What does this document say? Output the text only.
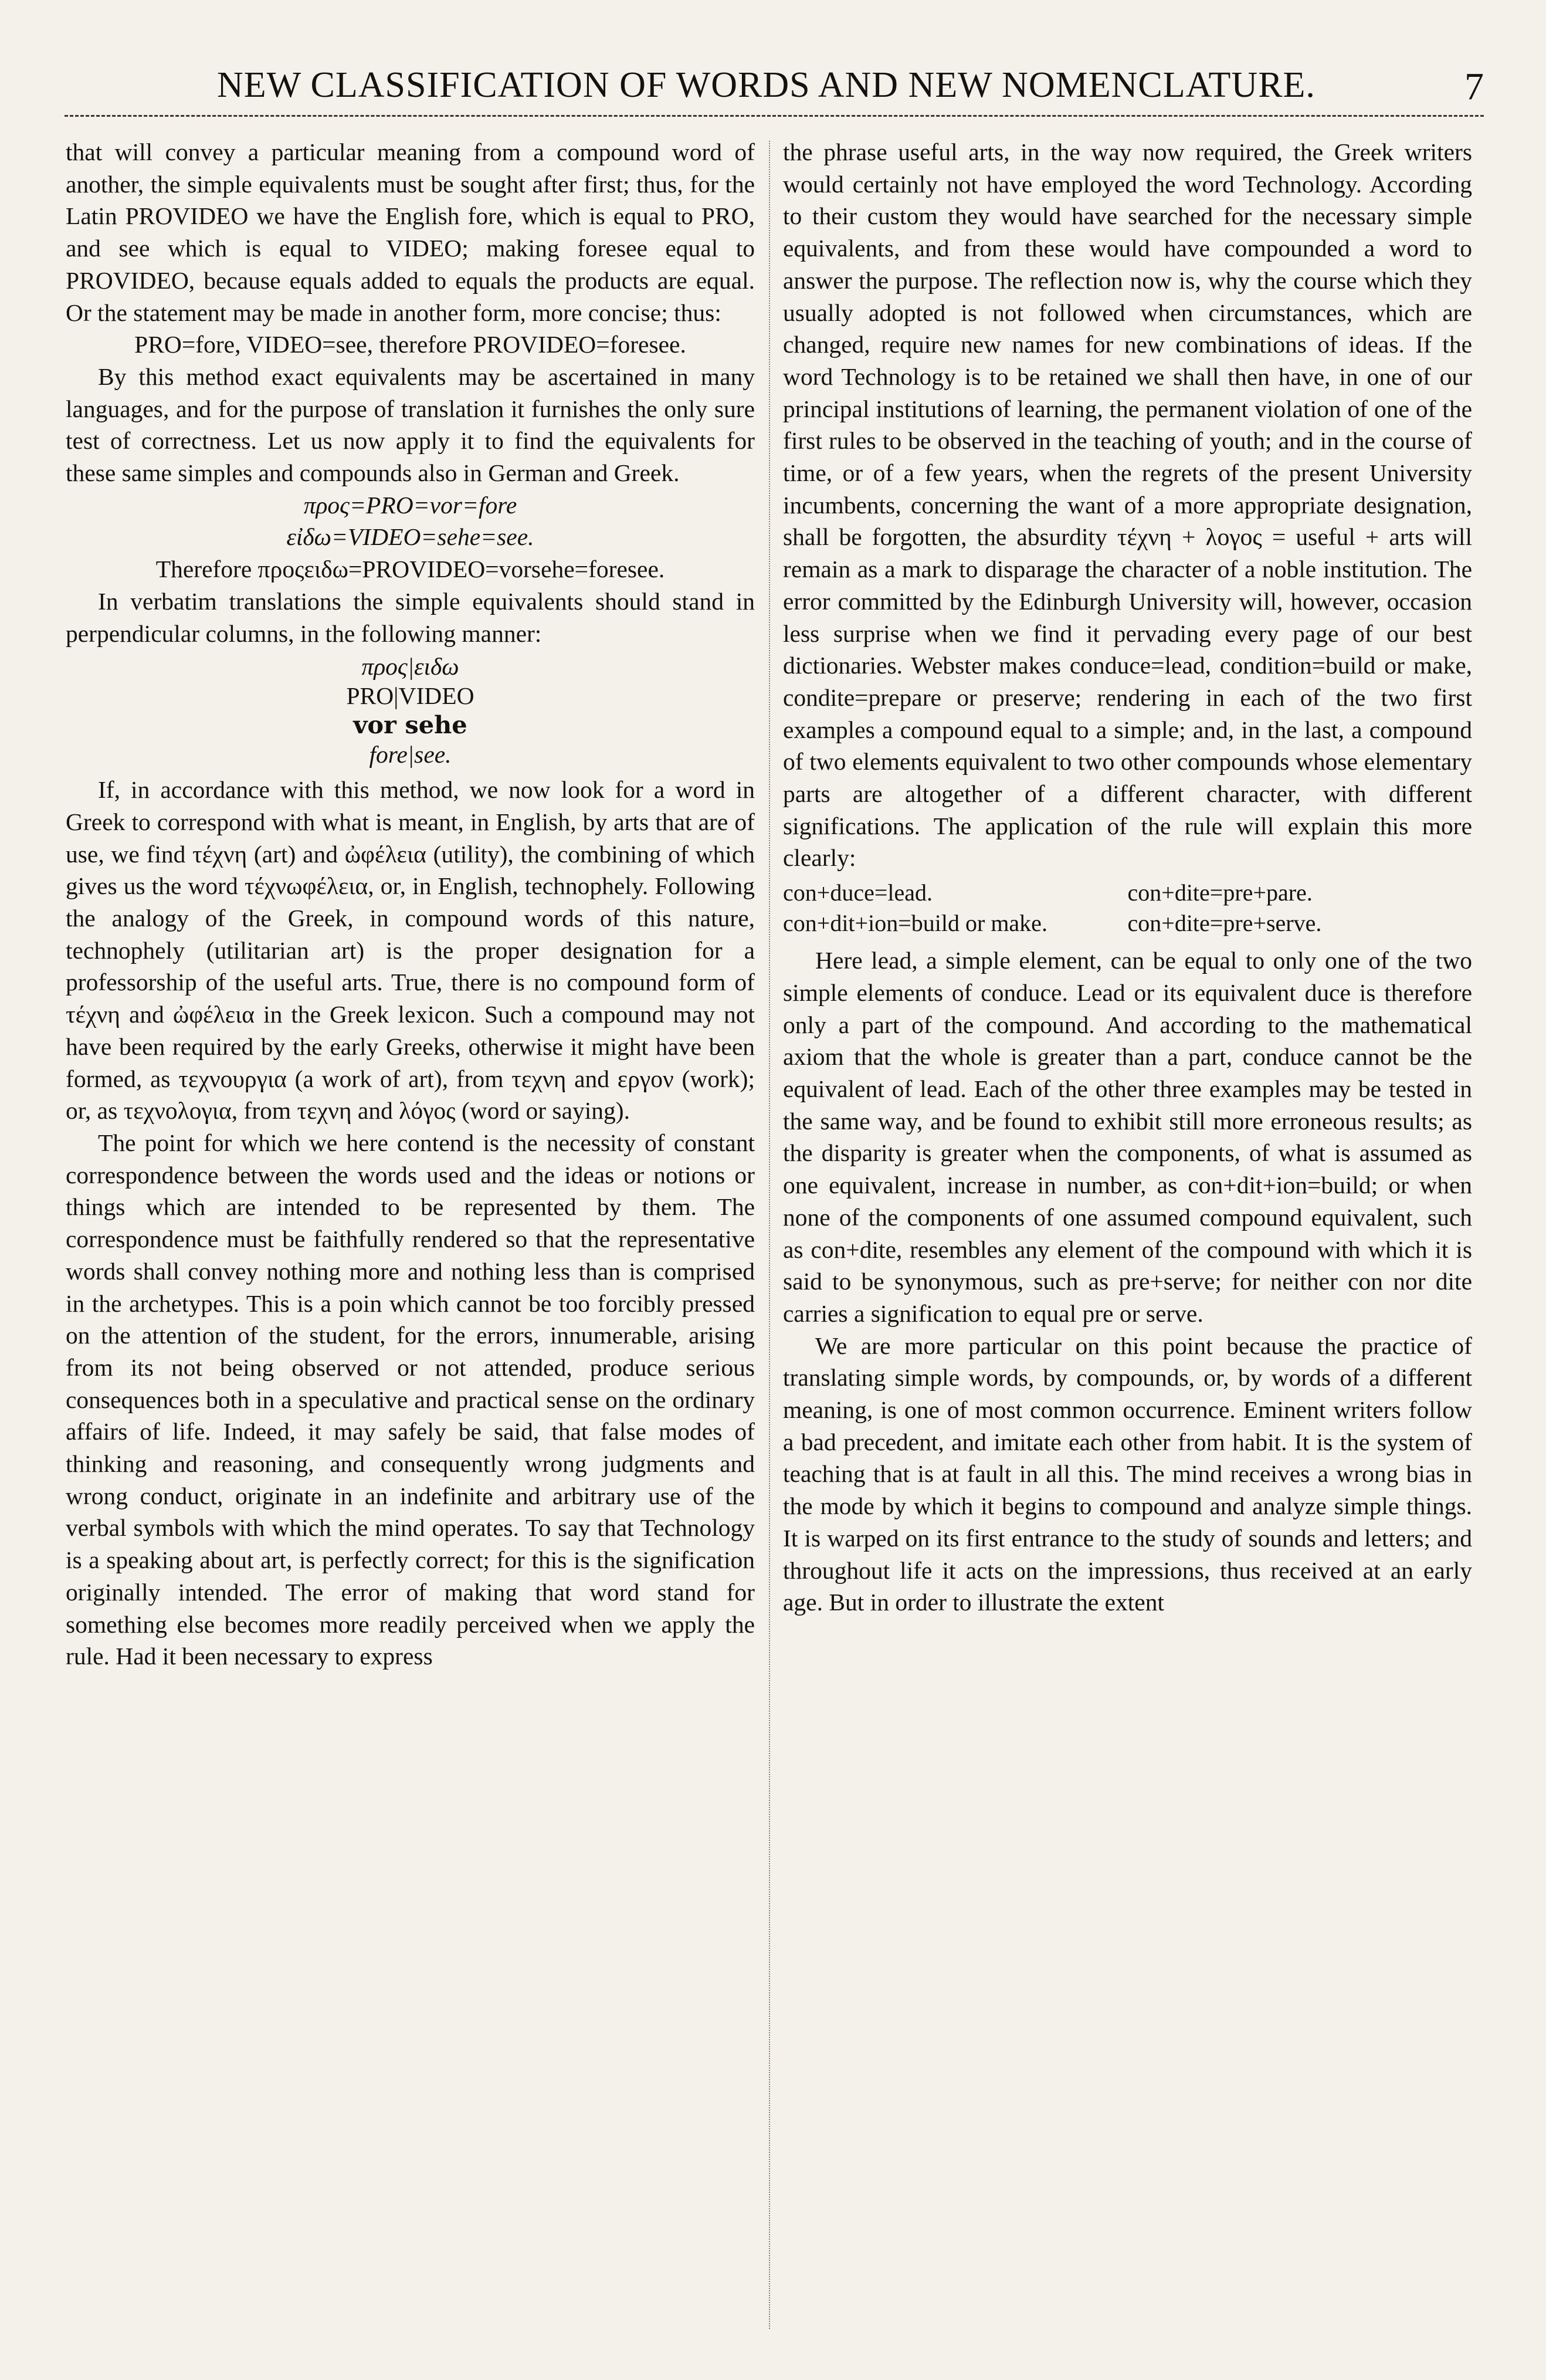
NEW CLASSIFICATION OF WORDS AND NEW NOMENCLATURE.	7

that will convey a particular meaning from a compound word of another, the simple equivalents must be sought after first; thus, for the Latin PROVIDEO we have the English fore, which is equal to PRO, and see which is equal to VIDEO; making foresee equal to PROVIDEO, because equals added to equals the products are equal. Or the statement may be made in another form, more concise; thus:

PRO=fore, VIDEO=see, therefore PROVIDEO=foresee.

By this method exact equivalents may be ascertained in many languages, and for the purpose of translation it furnishes the only sure test of correctness. Let us now apply it to find the equivalents for these same simples and compounds also in German and Greek.

προς=PRO=vor=fore

εἰδω=VIDEO=sehe=see.

Therefore προςειδω=PROVIDEO=vorsehe=foresee.

In verbatim translations the simple equivalents should stand in perpendicular columns, in the following manner:

προς|ειδω
PRO|VIDEO
vor sehe
fore|see.

If, in accordance with this method, we now look for a word in Greek to correspond with what is meant, in English, by arts that are of use, we find τέχνη (art) and ὠφέλεια (utility), the combining of which gives us the word τέχνωφέλεια, or, in English, technophely. Following the analogy of the Greek, in compound words of this nature, technophely (utilitarian art) is the proper designation for a professorship of the useful arts. True, there is no compound form of τέχνη and ὠφέλεια in the Greek lexicon. Such a compound may not have been required by the early Greeks, otherwise it might have been formed, as τεχνουργια (a work of art), from τεχνη and εργον (work); or, as τεχνολογια, from τεχνη and λόγος (word or saying).

The point for which we here contend is the necessity of constant correspondence between the words used and the ideas or notions or things which are intended to be represented by them. The correspondence must be faithfully rendered so that the representative words shall convey nothing more and nothing less than is comprised in the archetypes. This is a poin which cannot be too forcibly pressed on the attention of the student, for the errors, innumerable, arising from its not being observed or not attended, produce serious consequences both in a speculative and practical sense on the ordinary affairs of life. Indeed, it may safely be said, that false modes of thinking and reasoning, and consequently wrong judgments and wrong conduct, originate in an indefinite and arbitrary use of the verbal symbols with which the mind operates. To say that Technology is a speaking about art, is perfectly correct; for this is the signification originally intended. The error of making that word stand for something else becomes more readily perceived when we apply the rule. Had it been necessary to express

the phrase useful arts, in the way now required, the Greek writers would certainly not have employed the word Technology. According to their custom they would have searched for the necessary simple equivalents, and from these would have compounded a word to answer the purpose. The reflection now is, why the course which they usually adopted is not followed when circumstances, which are changed, require new names for new combinations of ideas. If the word Technology is to be retained we shall then have, in one of our principal institutions of learning, the permanent violation of one of the first rules to be observed in the teaching of youth; and in the course of time, or of a few years, when the regrets of the present University incumbents, concerning the want of a more appropriate designation, shall be forgotten, the absurdity τέχνη + λογος = useful + arts will remain as a mark to disparage the character of a noble institution. The error committed by the Edinburgh University will, however, occasion less surprise when we find it pervading every page of our best dictionaries. Webster makes conduce=lead, condition=build or make, condite=prepare or preserve; rendering in each of the two first examples a compound equal to a simple; and, in the last, a compound of two elements equivalent to two other compounds whose elementary parts are altogether of a different character, with different significations. The application of the rule will explain this more clearly:

con+duce=lead.	con+dite=pre+pare.
con+dit+ion=build or make.	con+dite=pre+serve.

Here lead, a simple element, can be equal to only one of the two simple elements of conduce. Lead or its equivalent duce is therefore only a part of the compound. And according to the mathematical axiom that the whole is greater than a part, conduce cannot be the equivalent of lead. Each of the other three examples may be tested in the same way, and be found to exhibit still more erroneous results; as the disparity is greater when the components, of what is assumed as one equivalent, increase in number, as con+dit+ion=build; or when none of the components of one assumed compound equivalent, such as con+dite, resembles any element of the compound with which it is said to be synonymous, such as pre+serve; for neither con nor dite carries a signification to equal pre or serve.

We are more particular on this point because the practice of translating simple words, by compounds, or, by words of a different meaning, is one of most common occurrence. Eminent writers follow a bad precedent, and imitate each other from habit. It is the system of teaching that is at fault in all this. The mind receives a wrong bias in the mode by which it begins to compound and analyze simple things. It is warped on its first entrance to the study of sounds and letters; and throughout life it acts on the impressions, thus received at an early age. But in order to illustrate the extent
